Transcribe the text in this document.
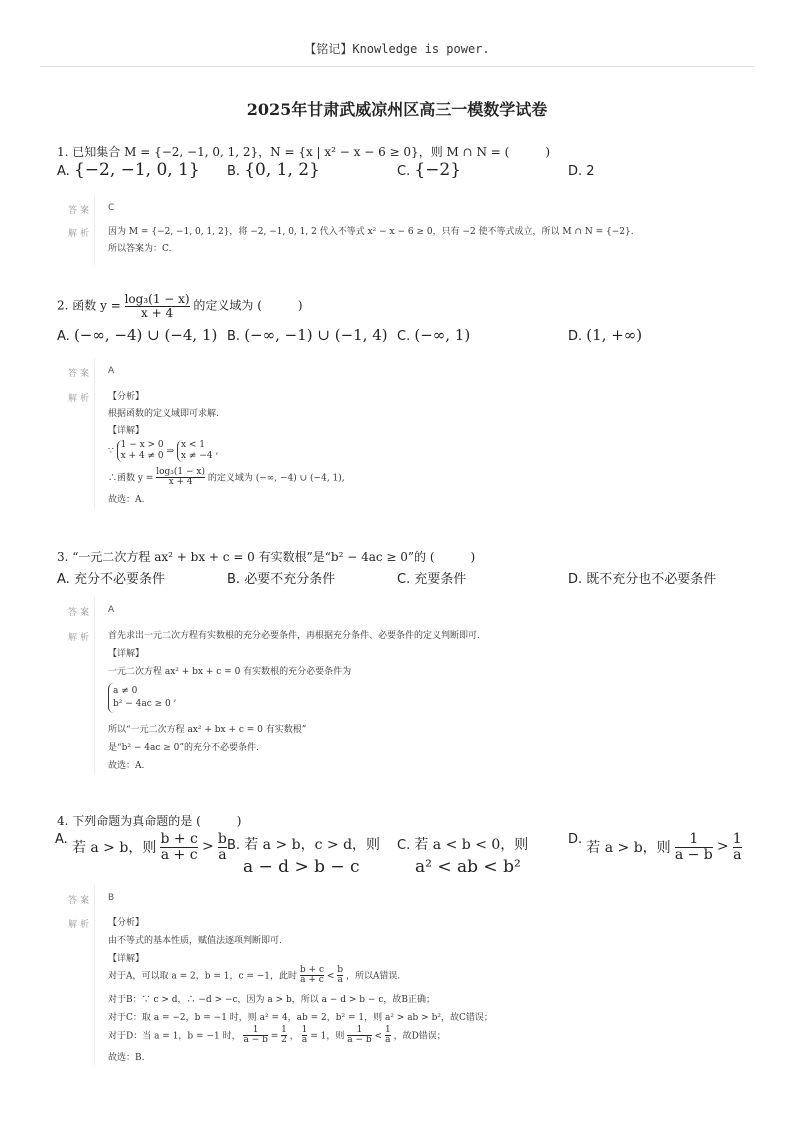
【铭记】Knowledge is power.
2025年甘肃武威凉州区高三一模数学试卷
1. 已知集合 M = {−2, −1, 0, 1, 2}，N = {x | x² − x − 6 ≥ 0}，则 M ∩ N = (　　　)
A. {−2, −1, 0, 1} B. {0, 1, 2}	C. {−2}	D. 2
答案 C
解析 因为 M = {−2, −1, 0, 1, 2}，将 −2, −1, 0, 1, 2 代入不等式 x² − x − 6 ≥ 0，只有 −2 使不等式成立，所以 M ∩ N = {−2}.
所以答案为：C.
2. 函数 $y = \frac{\text{log₃(1 − x)}}{x + 4}$ 的定义域为 (　　　)
A. (−∞, −4) ∪ (−4, 1) B. (−∞, −1) ∪ (−1, 4) C. (−∞, 1)	D. (1, +∞)
答案 A
解析 【分析】
根据函数的定义域即可求解.
【详解】
∵
1 − x > 0
x + 4 ≠ 0 ⇒
x < 1
x ≠ −4 ,
∴函数 $y = \frac{\text{log₃(1 − x)}}{x + 4}$ 的定义域为 (−∞, −4) ∪ (−4, 1),
故选：A.
3. “一元二次方程 ax² + bx + c = 0 有实数根”是“b² − 4ac ≥ 0”的 (　　　)
A. 充分不必要条件	B. 必要不充分条件	C. 充要条件	D. 既不充分也不必要条件
答案 A
解析 首先求出一元二次方程有实数根的充分必要条件，再根据充分条件、必要条件的定义判断即可.
【详解】
一元二次方程 ax² + bx + c = 0 有实数根的充分必要条件为
a ≠ 0
b² − 4ac ≥ 0
,
所以“一元二次方程 ax² + bx + c = 0 有实数根”
是“b² − 4ac ≥ 0”的充分不必要条件.
故选：A.
4. 下列命题为真命题的是 (　　　)
A. 若 a > b，则 $\frac{b + c}{a + c} > \frac{b}{a} B$. 若 a > b，c > d，则
a − d > b − c
C. 若 a < b < 0，则
a² < ab < b²
D. 若 a > b，则 $\frac{1}{a - b} > \frac{1}{a}$
答案 B
解析 【分析】
由不等式的基本性质，赋值法逐项判断即可.
【详解】
对于A，可以取 a = 2，b = 1，c = −1，此时 $\frac{b + c}{a + c} < \frac{b}{a}$ ，所以A错误.
对于B：∵ c > d，∴ −d > −c，因为 a > b，所以 a − d > b − c，故B正确；
对于C：取 a = −2，b = −1 时，则 a² = 4，ab = 2，b² = 1，则 a² > ab > b²，故C错误；
对于D：当 a = 1，b = −1 时， $\frac{1}{a - b} = \frac{1}{2}$ ， $\frac{1}{a} = 1$，则 $\frac{1}{a - b} < \frac{1}{a}$ ，故D错误；
故选：B.
